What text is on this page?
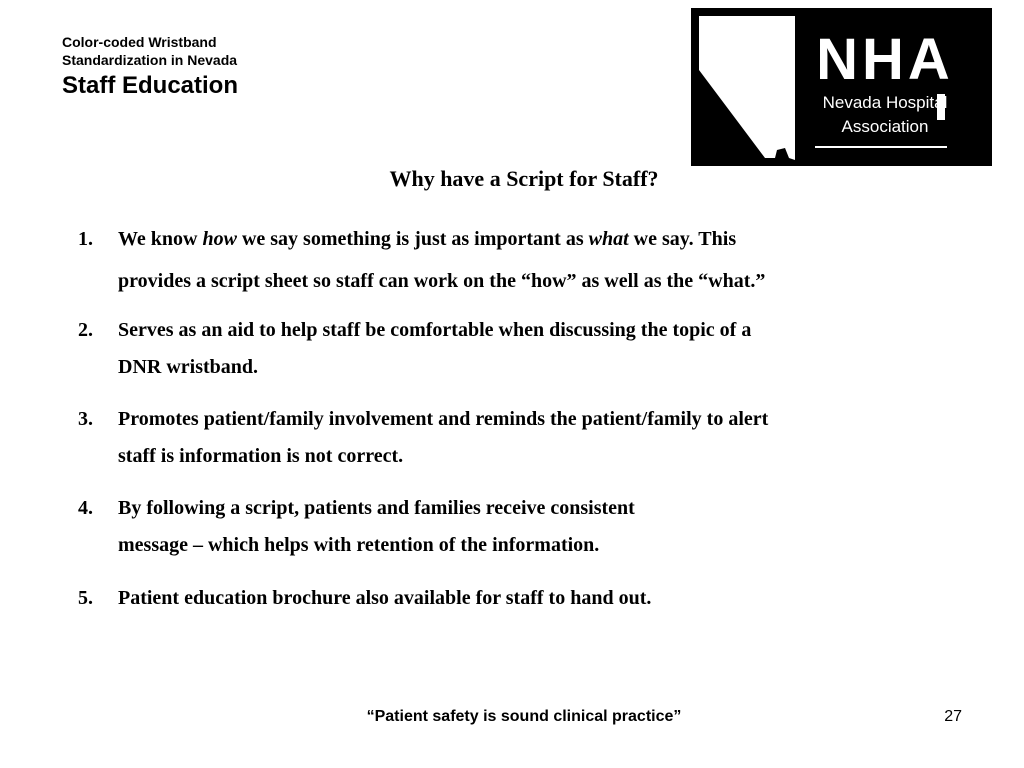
Color-coded Wristband
Standardization in Nevada
Staff Education	NHA
Nevada Hospital
Association
Why have a Script for Staff?
1. We know how we say something is just as important as what we say. This
provides a script sheet so staff can work on the “how” as well as the “what.”
2. Serves as an aid to help staff be comfortable when discussing the topic of a
DNR wristband.
3. Promotes patient/family involvement and reminds the patient/family to alert
staff is information is not correct.
4. By following a script, patients and families receive consistent
message – which helps with retention of the information.
5. Patient education brochure also available for staff to hand out.
“Patient safety is sound clinical practice”	27
